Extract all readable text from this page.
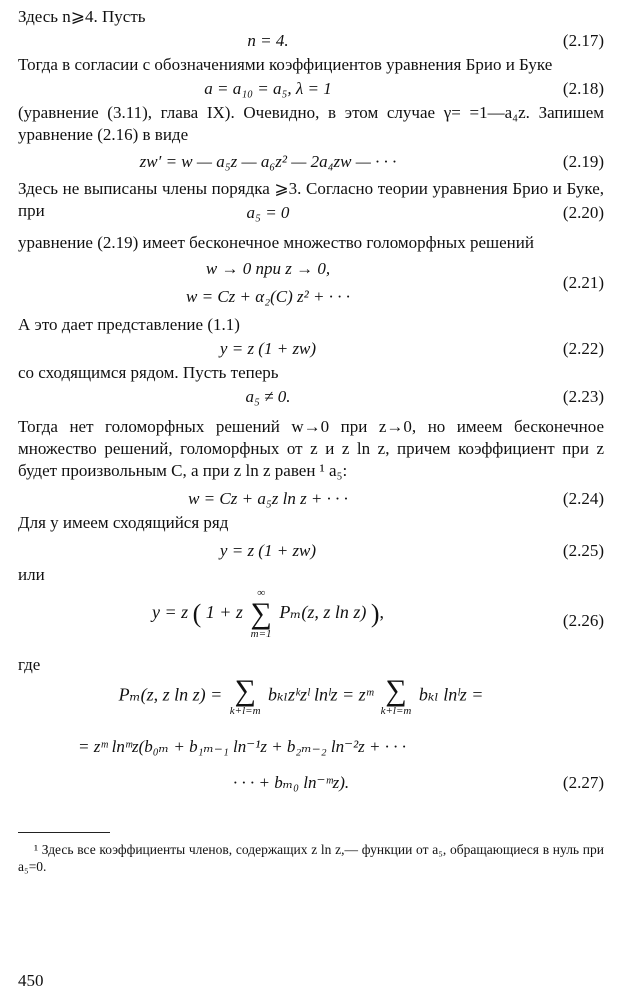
Здесь n⩾4. Пусть

n = 4.	(2.17)

Тогда в согласии с обозначениями коэффициентов уравнения Брио и Буке

a = a₁₀ = a₅, λ = 1	(2.18)

(уравнение (3.11), глава IX). Очевидно, в этом случае γ= =1—a₄z. Запишем уравнение (2.16) в виде

zw′ = w — a₅z — a₆z² — 2a₄zw — · · ·	(2.19)

Здесь не выписаны члены порядка ⩾3. Согласно теории уравнения Брио и Буке, при	a₅ = 0	(2.20)

уравнение (2.19) имеет бесконечное множество голоморфных решений

w → 0 при z → 0,
w = Cz + α₂(C) z² + · · ·
(2.21)

А это дает представление (1.1)

y = z (1 + zw)	(2.22)

со сходящимся рядом. Пусть теперь

a₅ ≠ 0.	(2.23)

Тогда нет голоморфных решений w→0 при z→0, но имеем бесконечное множество решений, голоморфных от z и z ln z, причем коэффициент при z будет произвольным C, а при z ln z равен ¹ a₅:

w = Cz + a₅z ln z + · · ·	(2.24)

Для y имеем сходящийся ряд

y = z (1 + zw)	(2.25)

или

y = z ( 1 + z
∞
∑
m=1
Pₘ(z, z ln z) ),	(2.26)

где

Pₘ(z, z ln z) = ∑
k+l=m
bₖₗzᵏzˡ lnˡz = zᵐ ∑
k+l=m
bₖₗ lnˡz =
= zᵐ lnᵐz(b₀ₘ + b₁ₘ₋₁ ln⁻¹z + b₂ₘ₋₂ ln⁻²z + · · ·
· · · + bₘ₀ ln⁻ᵐz).	(2.27)

¹ Здесь все коэффициенты членов, содержащих z ln z,— функции от a₅, обращающиеся в нуль при a₅=0.

450
